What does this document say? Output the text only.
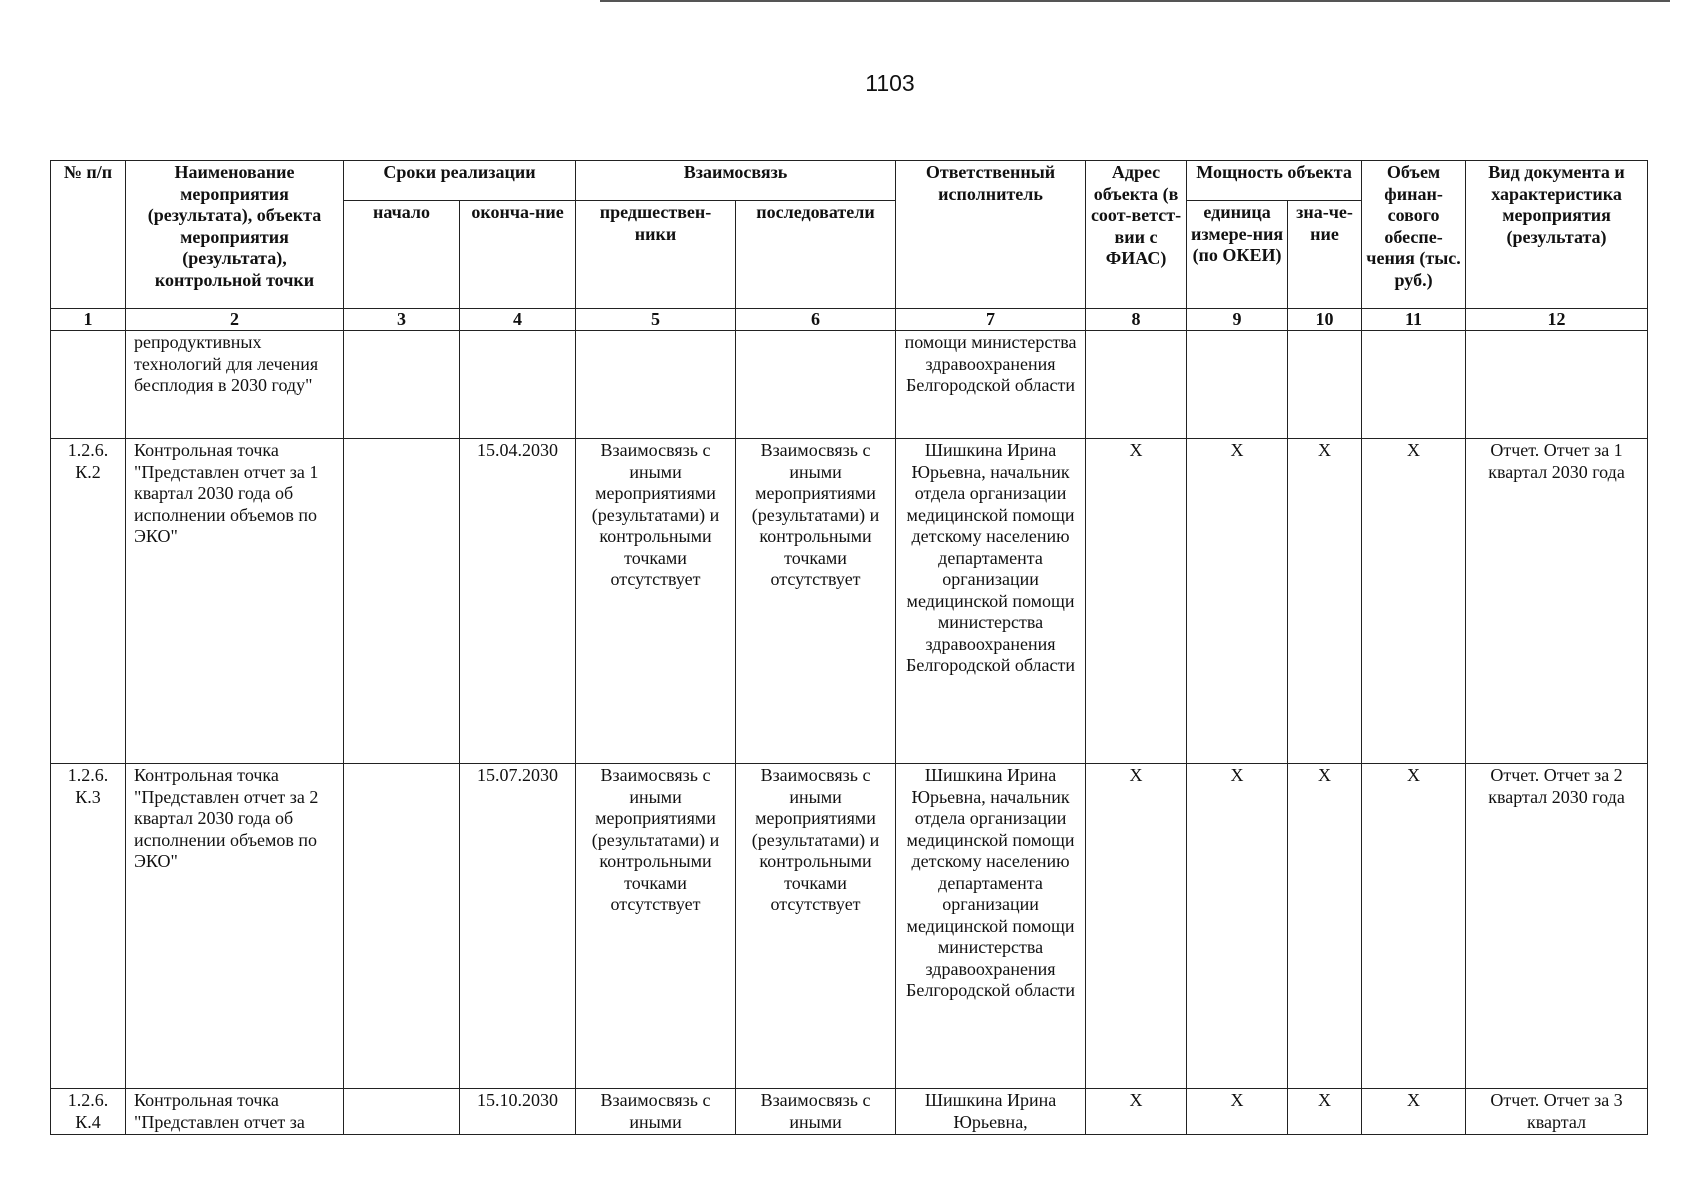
1103
№ п/п	Наименование мероприятия (результата), объекта мероприятия (результата), контрольной точки	Сроки реализации		Взаимосвязь		Ответственный исполнитель	Адрес объекта (в соот-ветст-вии с ФИАС)	Мощность объекта		Объем финан-сового обеспе-чения (тыс. руб.)	Вид документа и характеристика мероприятия (результата)
		начало	оконча-ние	предшествен-ники	последователи			единица измере-ния (по ОКЕИ)	зна-че-ние		
1	2	3	4	5	6	7	8	9	10	11	12
	репродуктивных технологий для лечения бесплодия в 2030 году"					помощи министерства здравоохранения Белгородской области					
1.2.6. К.2	Контрольная точка "Представлен отчет за 1 квартал 2030 года об исполнении объемов по ЭКО"		15.04.2030	Взаимосвязь с иными мероприятиями (результатами) и контрольными точками отсутствует	Взаимосвязь с иными мероприятиями (результатами) и контрольными точками отсутствует	Шишкина Ирина Юрьевна, начальник отдела организации медицинской помощи детскому населению департамента организации медицинской помощи министерства здравоохранения Белгородской области	X	X	X	X	Отчет. Отчет за 1 квартал 2030 года
1.2.6. К.3	Контрольная точка "Представлен отчет за 2 квартал 2030 года об исполнении объемов по ЭКО"		15.07.2030	Взаимосвязь с иными мероприятиями (результатами) и контрольными точками отсутствует	Взаимосвязь с иными мероприятиями (результатами) и контрольными точками отсутствует	Шишкина Ирина Юрьевна, начальник отдела организации медицинской помощи детскому населению департамента организации медицинской помощи министерства здравоохранения Белгородской области	X	X	X	X	Отчет. Отчет за 2 квартал 2030 года
1.2.6. К.4	Контрольная точка "Представлен отчет за		15.10.2030	Взаимосвязь с иными	Взаимосвязь с иными	Шишкина Ирина Юрьевна,	X	X	X	X	Отчет. Отчет за 3 квартал
